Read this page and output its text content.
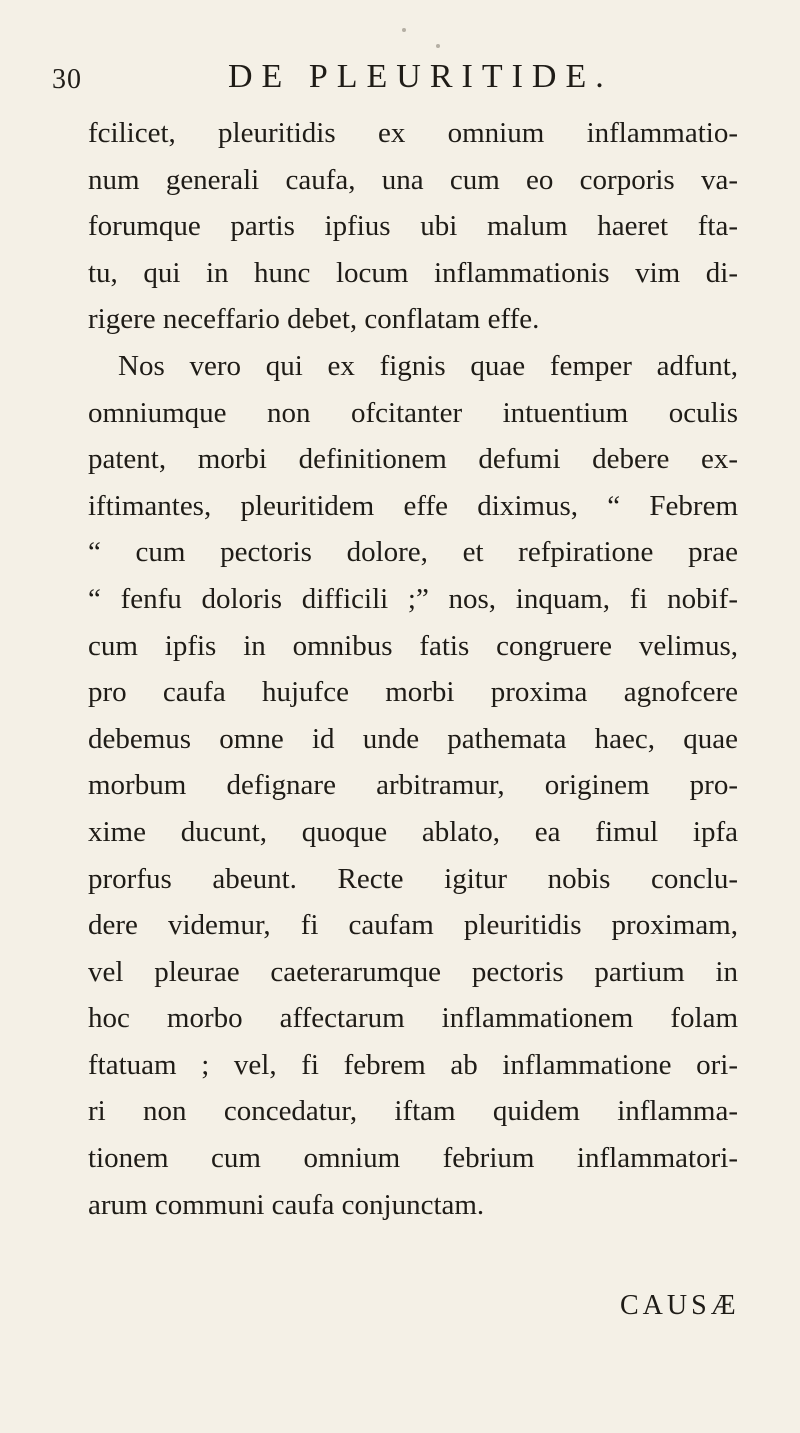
30	DE PLEURITIDE.
fcilicet, pleuritidis ex omnium inflammatio-
num generali caufa, una cum eo corporis va-
forumque partis ipfius ubi malum haeret fta-
tu, qui in hunc locum inflammationis vim di-
rigere neceffario debet, conflatam effe.
Nos vero qui ex fignis quae femper adfunt,
omniumque non ofcitanter intuentium oculis
patent, morbi definitionem defumi debere ex-
iftimantes, pleuritidem effe diximus, “ Febrem
“ cum pectoris dolore, et refpiratione prae
“ fenfu doloris difficili ;” nos, inquam, fi nobif-
cum ipfis in omnibus fatis congruere velimus,
pro caufa hujufce morbi proxima agnofcere
debemus omne id unde pathemata haec, quae
morbum defignare arbitramur, originem pro-
xime ducunt, quoque ablato, ea fimul ipfa
prorfus abeunt. Recte igitur nobis conclu-
dere videmur, fi caufam pleuritidis proximam,
vel pleurae caeterarumque pectoris partium in
hoc morbo affectarum inflammationem folam
ftatuam ; vel, fi febrem ab inflammatione ori-
ri non concedatur, iftam quidem inflamma-
tionem cum omnium febrium inflammatori-
arum communi caufa conjunctam.
CAUSÆ
